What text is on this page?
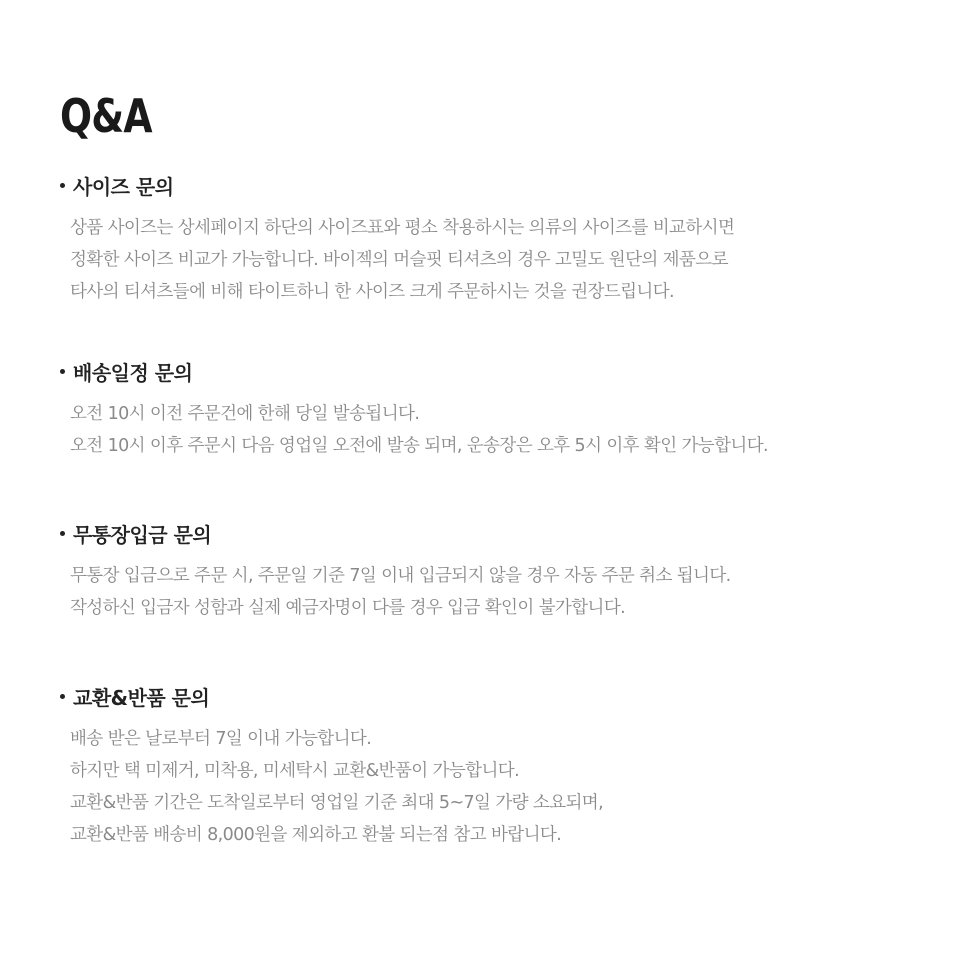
Q&A
사이즈 문의
상품 사이즈는 상세페이지 하단의 사이즈표와 평소 착용하시는 의류의 사이즈를 비교하시면
정확한 사이즈 비교가 가능합니다. 바이젝의 머슬핏 티셔츠의 경우 고밀도 원단의 제품으로
타사의 티셔츠들에 비해 타이트하니 한 사이즈 크게 주문하시는 것을 권장드립니다.
배송일정 문의
오전 10시 이전 주문건에 한해 당일 발송됩니다.
오전 10시 이후 주문시 다음 영업일 오전에 발송 되며, 운송장은 오후 5시 이후 확인 가능합니다.
무통장입금 문의
무통장 입금으로 주문 시, 주문일 기준 7일 이내 입금되지 않을 경우 자동 주문 취소 됩니다.
작성하신 입금자 성함과 실제 예금자명이 다를 경우 입금 확인이 불가합니다.
교환&반품 문의
배송 받은 날로부터 7일 이내 가능합니다.
하지만 택 미제거, 미착용, 미세탁시 교환&반품이 가능합니다.
교환&반품 기간은 도착일로부터 영업일 기준 최대 5~7일 가량 소요되며,
교환&반품 배송비 8,000원을 제외하고 환불 되는점 참고 바랍니다.
